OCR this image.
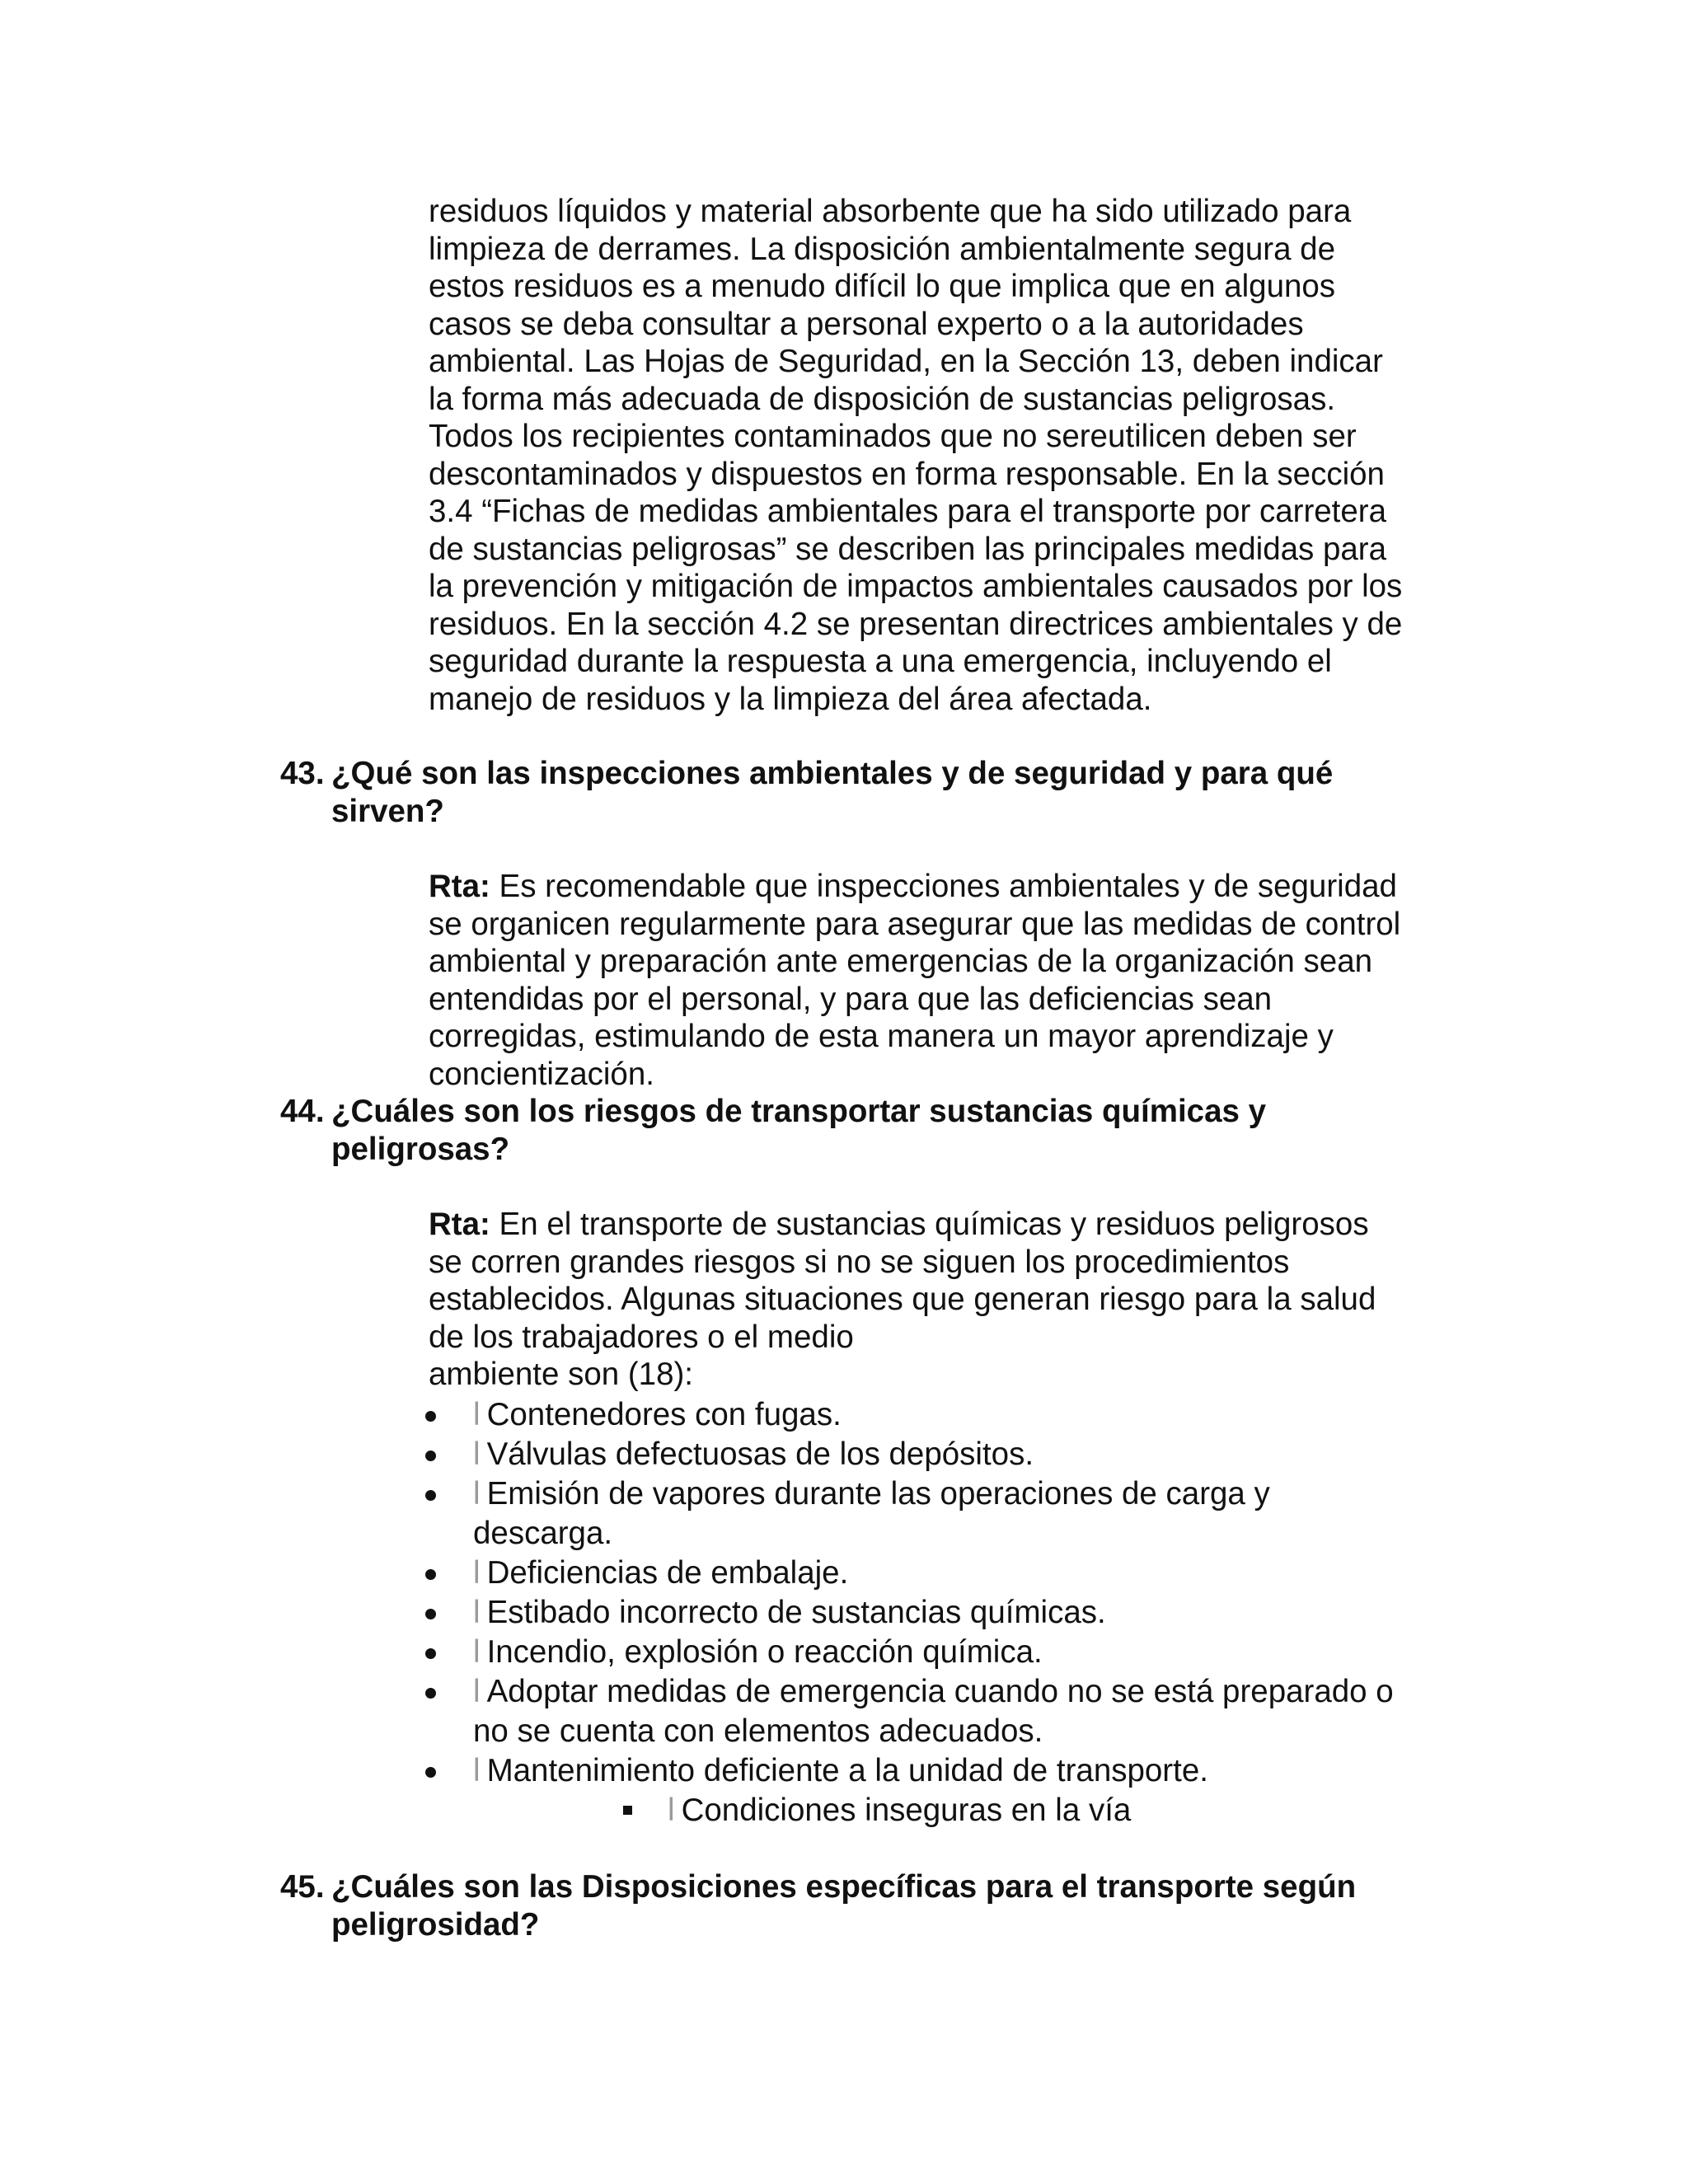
residuos líquidos y material absorbente que ha sido utilizado para
limpieza de derrames. La disposición ambientalmente segura de
estos residuos es a menudo difícil lo que implica que en algunos
casos se deba consultar a personal experto o a la autoridades
ambiental. Las Hojas de Seguridad, en la Sección 13, deben indicar
la forma más adecuada de disposición de sustancias peligrosas.
Todos los recipientes contaminados que no sereutilicen deben ser
descontaminados y dispuestos en forma responsable. En la sección
3.4 “Fichas de medidas ambientales para el transporte por carretera
de sustancias peligrosas” se describen las principales medidas para
la prevención y mitigación de impactos ambientales causados por los
residuos. En la sección 4.2 se presentan directrices ambientales y de
seguridad durante la respuesta a una emergencia, incluyendo el
manejo de residuos y la limpieza del área afectada.
43. ¿Qué son las inspecciones ambientales y de seguridad y para qué
sirven?
Rta: Es recomendable que inspecciones ambientales y de seguridad
se organicen regularmente para asegurar que las medidas de control
ambiental y preparación ante emergencias de la organización sean
entendidas por el personal, y para que las deficiencias sean
corregidas, estimulando de esta manera un mayor aprendizaje y
concientización.
44. ¿Cuáles son los riesgos de transportar sustancias químicas y
peligrosas?
Rta: En el transporte de sustancias químicas y residuos peligrosos
se corren grandes riesgos si no se siguen los procedimientos
establecidos. Algunas situaciones que generan riesgo para la salud
de los trabajadores o el medio
ambiente son (18):
l Contenedores con fugas.
l Válvulas defectuosas de los depósitos.
l Emisión de vapores durante las operaciones de carga y
descarga.
l Deficiencias de embalaje.
l Estibado incorrecto de sustancias químicas.
l Incendio, explosión o reacción química.
l Adoptar medidas de emergencia cuando no se está preparado o
no se cuenta con elementos adecuados.
l Mantenimiento deficiente a la unidad de transporte.
l Condiciones inseguras en la vía
45. ¿Cuáles son las Disposiciones específicas para el transporte según
peligrosidad?
